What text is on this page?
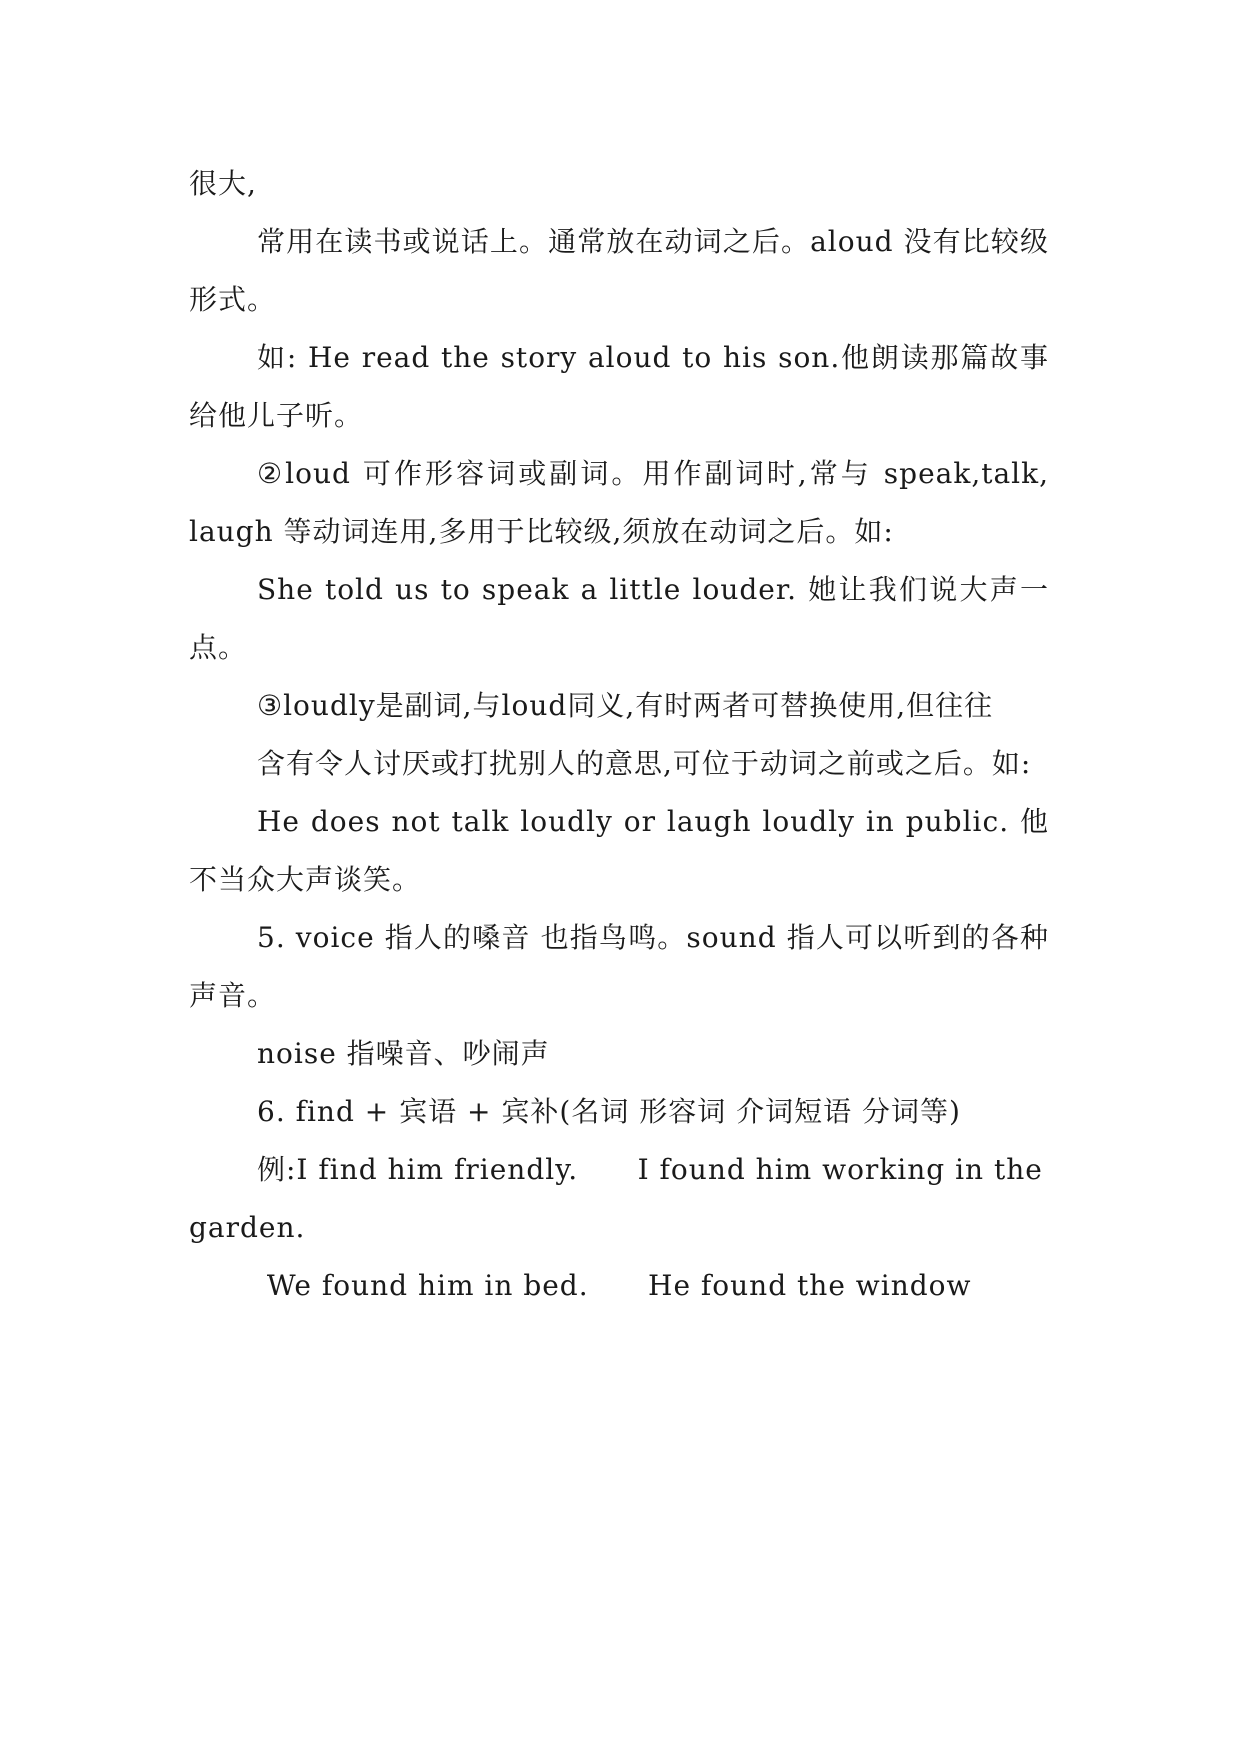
很大,

常用在读书或说话上。通常放在动词之后。aloud 没有比较级形式。

如: He read the story aloud to his son.他朗读那篇故事给他儿子听。

②loud 可作形容词或副词。用作副词时,常与 speak,talk, laugh 等动词连用,多用于比较级,须放在动词之后。如:

She told us to speak a little louder. 她让我们说大声一点。

③loudly是副词,与loud同义,有时两者可替换使用,但往往

含有令人讨厌或打扰别人的意思,可位于动词之前或之后。如:

He does not talk loudly or laugh loudly in public. 他不当众大声谈笑。

5. voice 指人的嗓音 也指鸟鸣。sound 指人可以听到的各种声音。

noise 指噪音、吵闹声

6. find + 宾语 + 宾补(名词 形容词 介词短语 分词等)

例:I find him friendly.      I found him working in the garden.

We found him in bed.      He found the window
